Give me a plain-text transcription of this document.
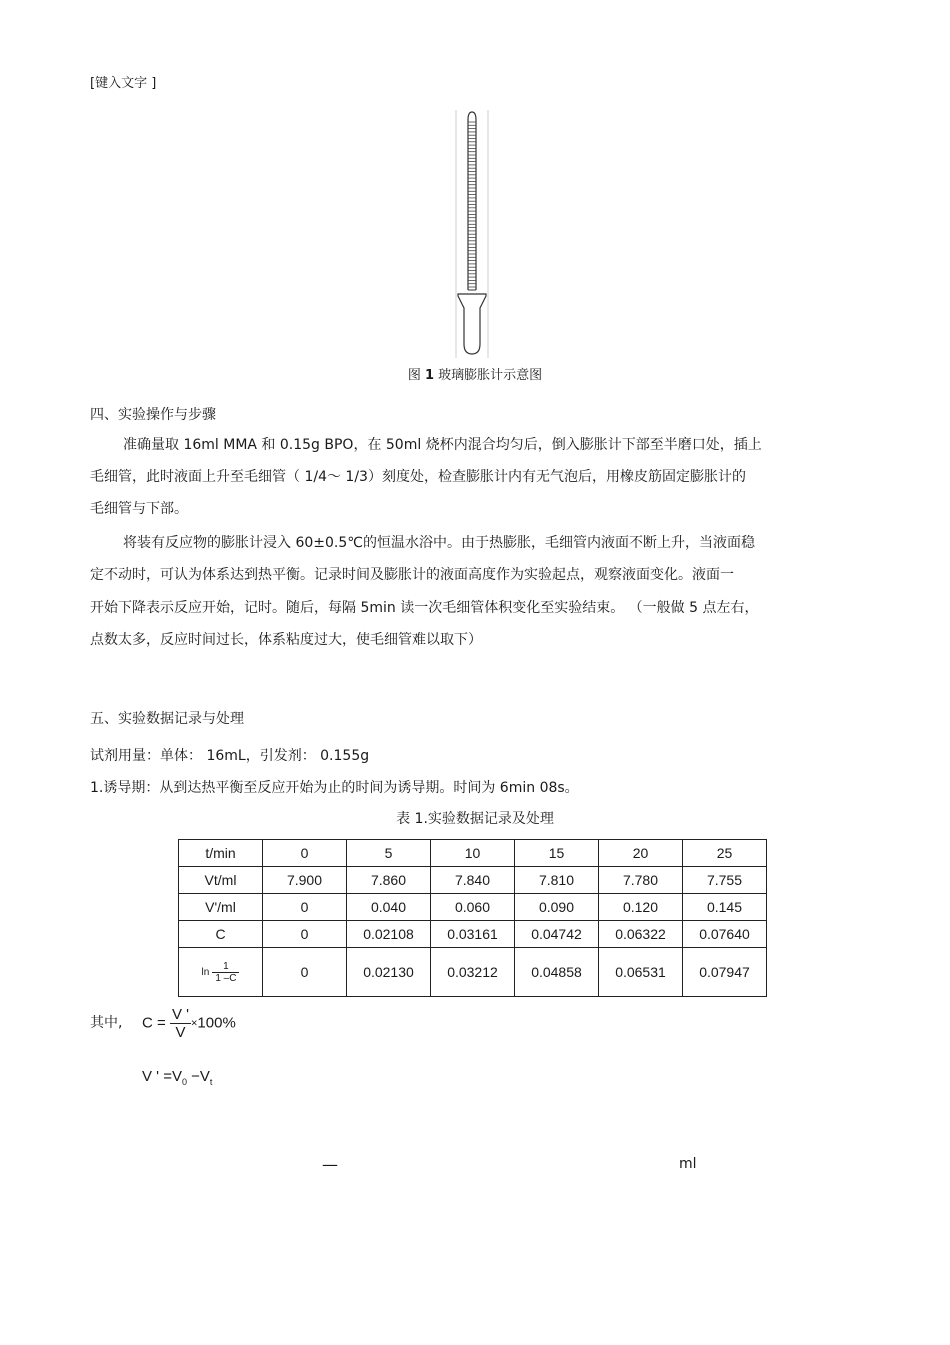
[键入文字 ]
图 1 玻璃膨胀计示意图
四、实验操作与步骤
准确量取 16ml MMA 和 0.15g BPO，在 50ml 烧杯内混合均匀后，倒入膨胀计下部至半磨口处，插上
毛细管，此时液面上升至毛细管（ 1/4～ 1/3）刻度处，检查膨胀计内有无气泡后，用橡皮筋固定膨胀计的
毛细管与下部。
将装有反应物的膨胀计浸入 60±0.5℃的恒温水浴中。由于热膨胀，毛细管内液面不断上升，当液面稳
定不动时，可认为体系达到热平衡。记录时间及膨胀计的液面高度作为实验起点，观察液面变化。液面一
开始下降表示反应开始，记时。随后，每隔 5min 读一次毛细管体积变化至实验结束。 （一般做 5 点左右，
点数太多，反应时间过长，体系粘度过大，使毛细管难以取下）
五、实验数据记录与处理
试剂用量：单体： 16mL，引发剂： 0.155g
1.诱导期：从到达热平衡至反应开始为止的时间为诱导期。时间为 6min 08s。
表 1.实验数据记录及处理
t/min	0	5	10	15	20	25
Vt/ml	7.900	7.860	7.840	7.810	7.780	7.755
V'/ml	0	0.040	0.060	0.090	0.120	0.145
C	0	0.02108	0.03161	0.04742	0.06322	0.07640
$\ln \frac{1}{1 -C}$	0	0.02130	0.03212	0.04858	0.06531	0.07947
其中, $C = \frac{V '}{V} \times 100\%$
V ' $=V_0 -V_t$
—	ml
